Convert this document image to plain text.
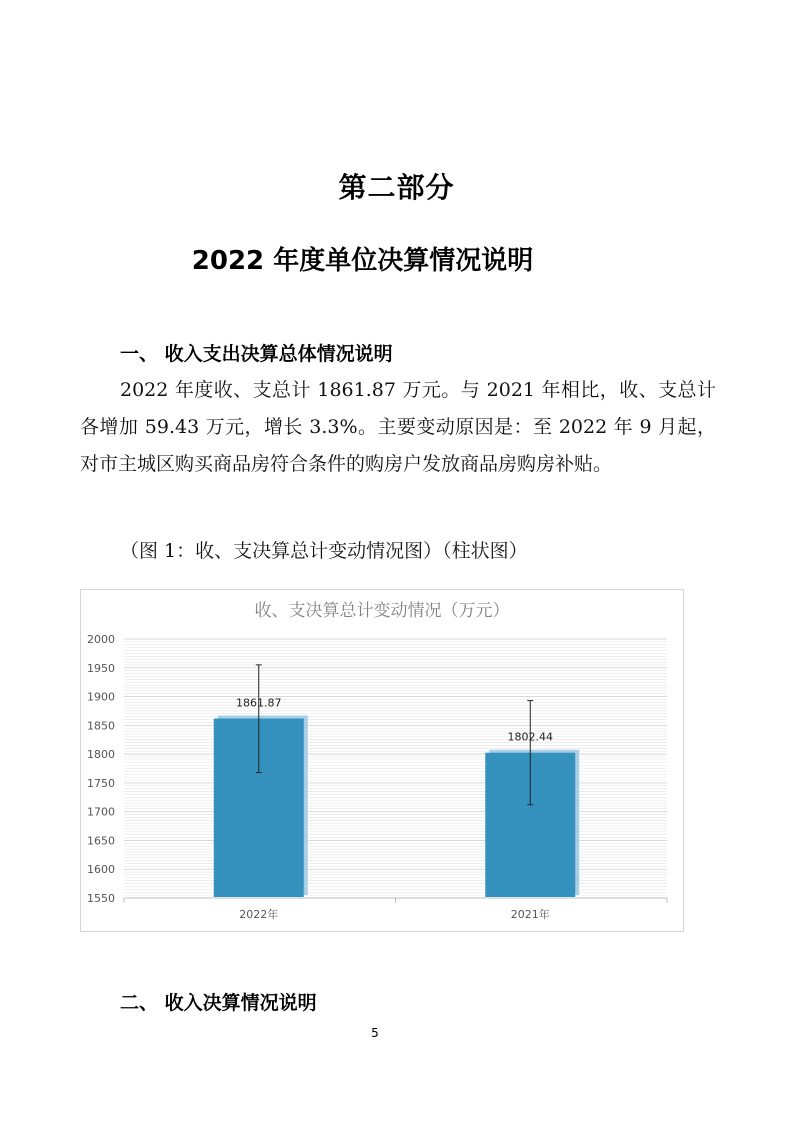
第二部分
2022 年度单位决算情况说明
一、 收入支出决算总体情况说明
2022 年度收、支总计 1861.87 万元。与 2021 年相比，收、支总计各增加 59.43 万元，增长 3.3%。主要变动原因是：至 2022 年 9 月起，对市主城区购买商品房符合条件的购房户发放商品房购房补贴。
（图 1：收、支决算总计变动情况图）（柱状图）
收、支决算总计变动情况（万元）
1550
1600
1650
1700
1750
1800
1850
1900
1950
2000
1861.87
2022年
1802.44
2021年
二、 收入决算情况说明
5
